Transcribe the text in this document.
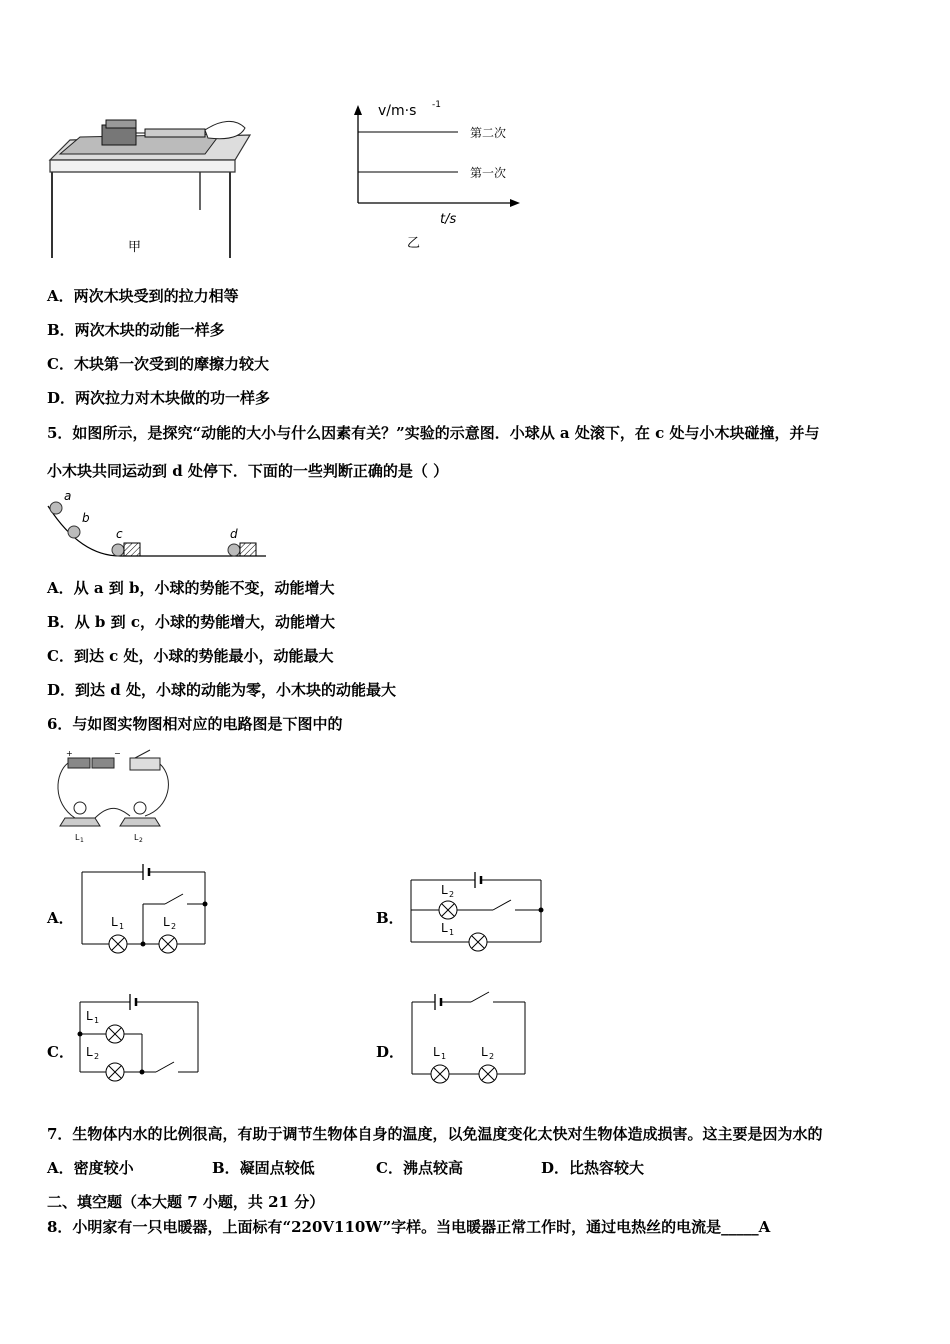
甲
v/m·s -1
第二次
第一次
t/s
乙
A．两次木块受到的拉力相等
B．两次木块的动能一样多
C．木块第一次受到的摩擦力较大
D．两次拉力对木块做的功一样多
5．如图所示，是探究“动能的大小与什么因素有关？”实验的示意图．小球从 a 处滚下，在 c 处与小木块碰撞，并与
小木块共同运动到 d 处停下．下面的一些判断正确的是（ ）
a
b
c	d
A．从 a 到 b，小球的势能不变，动能增大
B．从 b 到 c，小球的势能增大，动能增大
C．到达 c 处，小球的势能最小，动能最大
D．到达 d 处，小球的动能为零，小木块的动能最大
6．与如图实物图相对应的电路图是下图中的
+	−
L 1	L 2
A．	L 1	L 2	B．
L 2
L 1
C．
L 1
L 2	D． L 1	L 2
7．生物体内水的比例很高，有助于调节生物体自身的温度，以免温度变化太快对生物体造成损害。这主要是因为水的
A．密度较小	B．凝固点较低	C．沸点较高	D．比热容较大
二、填空题（本大题 7 小题，共 21 分）
8．小明家有一只电暖器，上面标有“220V110W”字样。当电暖器正常工作时，通过电热丝的电流是_____A
